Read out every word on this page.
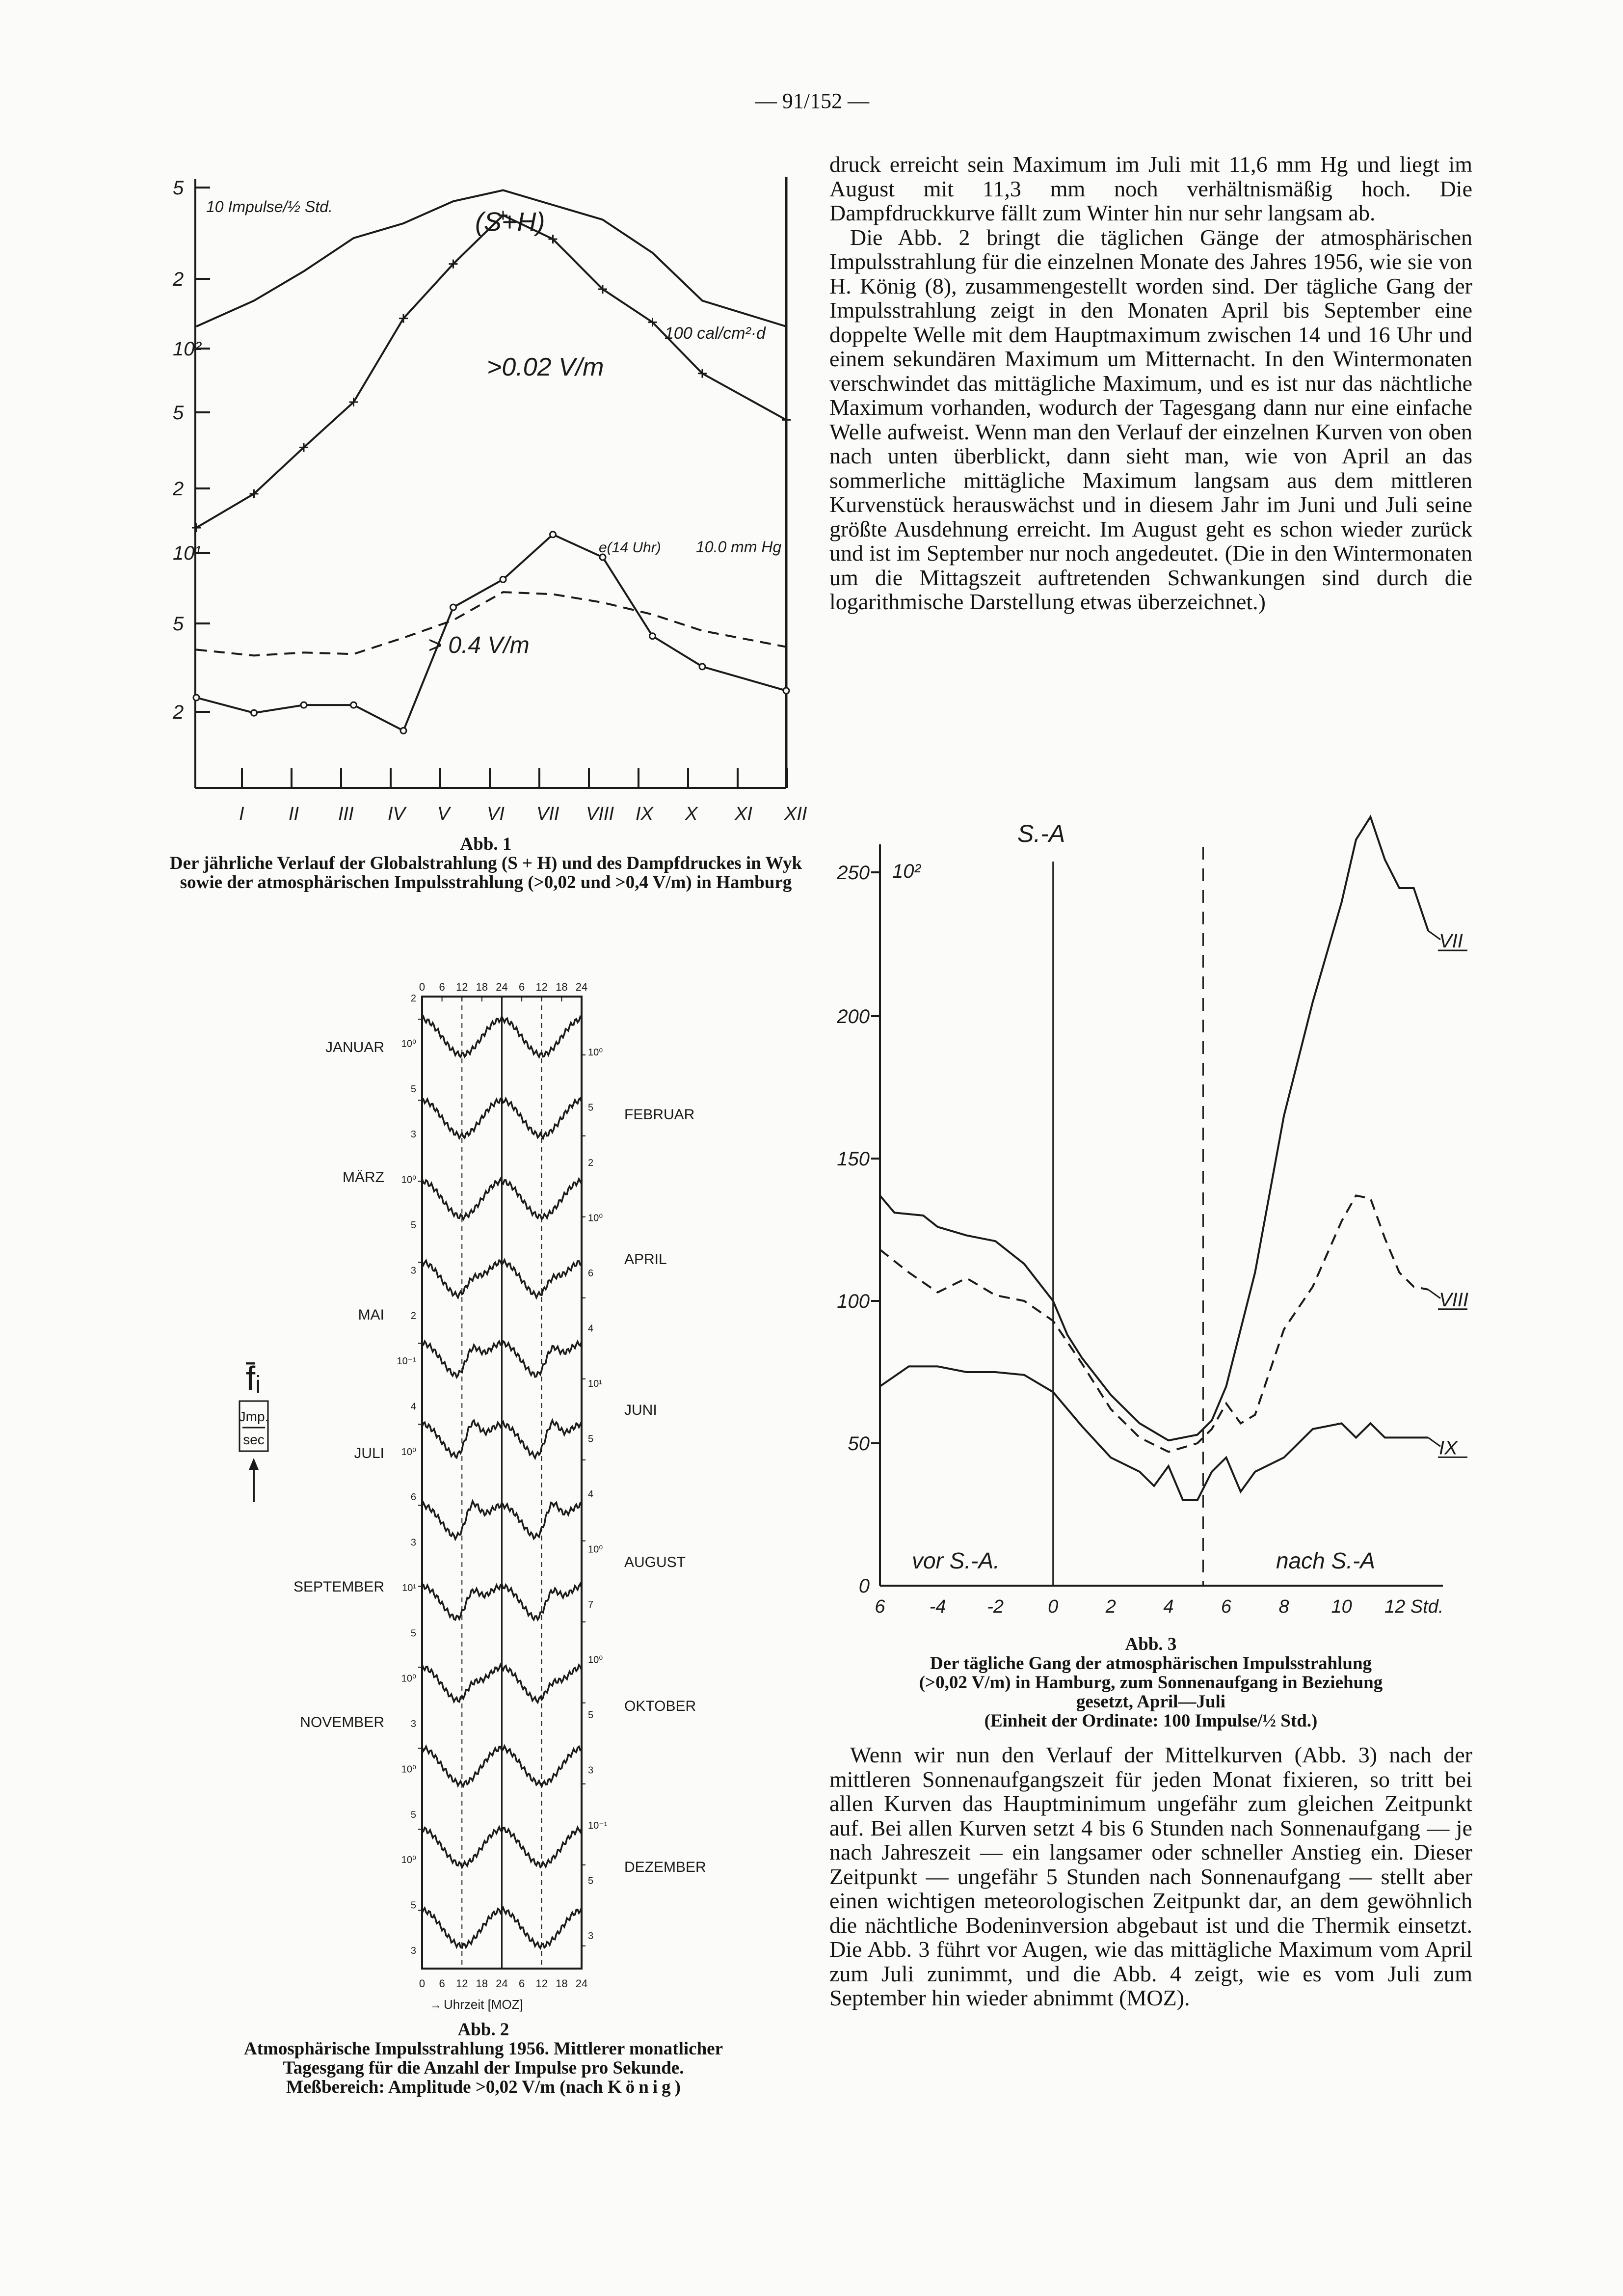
— 91/152 —
5
2
10²
5
2
10¹
5
2
I II III IV V VI VII VIII IX X XI XII
10 Impulse/½ Std.
(S+H)
100 cal/cm²·d
>0.02 V/m
e(14 Uhr) 10.0 mm Hg
> 0.4 V/m
Abb. 1
Der jährliche Verlauf der Globalstrahlung (S + H) und des Dampfdruckes in Wyk sowie der atmosphärischen Impulsstrahlung (>0,02 und >0,4 V/m) in Hamburg

druck erreicht sein Maximum im Juli mit 11,6 mm Hg und liegt im August mit 11,3 mm noch verhältnismäßig hoch. Die Dampfdruckkurve fällt zum Winter hin nur sehr langsam ab.

Die Abb. 2 bringt die täglichen Gänge der atmosphärischen Impulsstrahlung für die einzelnen Monate des Jahres 1956, wie sie von H. König (8), zusammengestellt worden sind. Der tägliche Gang der Impulsstrahlung zeigt in den Monaten April bis September eine doppelte Welle mit dem Hauptmaximum zwischen 14 und 16 Uhr und einem sekundären Maximum um Mitternacht. In den Wintermonaten verschwindet das mittägliche Maximum, und es ist nur das nächtliche Maximum vorhanden, wodurch der Tagesgang dann nur eine einfache Welle aufweist. Wenn man den Verlauf der einzelnen Kurven von oben nach unten überblickt, dann sieht man, wie von April an das sommerliche mittägliche Maximum langsam aus dem mittleren Kurvenstück herauswächst und in diesem Jahr im Juni und Juli seine größte Ausdehnung erreicht. Im August geht es schon wieder zurück und ist im September nur noch angedeutet. (Die in den Wintermonaten um die Mittagszeit auftretenden Schwankungen sind durch die logarithmische Darstellung etwas überzeichnet.)

0 6 12 18 24 6 12 18 24
0 6 12 18 24 6 12 18 24
JANUAR
MÄRZ
MAI
JULI
SEPTEMBER
NOVEMBER
FEBRUAR
APRIL
JUNI
AUGUST
OKTOBER
DEZEMBER
2
10⁰
5
3
10⁰
5
3
2
10⁻¹
4
10⁰
6
3
10¹
5
10⁰
3
10⁰
5
10⁰
5
3
10⁰
5
2
10⁰
6
4
10¹
5
4
10⁰
7
10⁰
5
3
10⁻¹
5
3
f̄ᵢ
Jmp.
sec
→ Uhrzeit [MOZ]
Abb. 2
Atmosphärische Impulsstrahlung 1956. Mittlerer monatlicher
Tagesgang für die Anzahl der Impulse pro Sekunde.
Meßbereich: Amplitude >0,02 V/m (nach König)
0
50
100
150
200
250
6 -4 -2 0	2	4	6	8 10 12 Std.
VII
VIII
IX
10²
S.-A
vor S.-A.	nach S.-A
Abb. 3
Der tägliche Gang der atmosphärischen Impulsstrahlung
(>0,02 V/m) in Hamburg, zum Sonnenaufgang in Beziehung
gesetzt, April—Juli
(Einheit der Ordinate: 100 Impulse/½ Std.)

Wenn wir nun den Verlauf der Mittelkurven (Abb. 3) nach der mittleren Sonnenaufgangszeit für jeden Monat fixieren, so tritt bei allen Kurven das Hauptminimum ungefähr zum gleichen Zeitpunkt auf. Bei allen Kurven setzt 4 bis 6 Stunden nach Sonnenaufgang — je nach Jahreszeit — ein langsamer oder schneller Anstieg ein. Dieser Zeitpunkt — ungefähr 5 Stunden nach Sonnenaufgang — stellt aber einen wichtigen meteorologischen Zeitpunkt dar, an dem gewöhnlich die nächtliche Bodeninversion abgebaut ist und die Thermik einsetzt. Die Abb. 3 führt vor Augen, wie das mittägliche Maximum vom April zum Juli zunimmt, und die Abb. 4 zeigt, wie es vom Juli zum September hin wieder abnimmt (MOZ).
